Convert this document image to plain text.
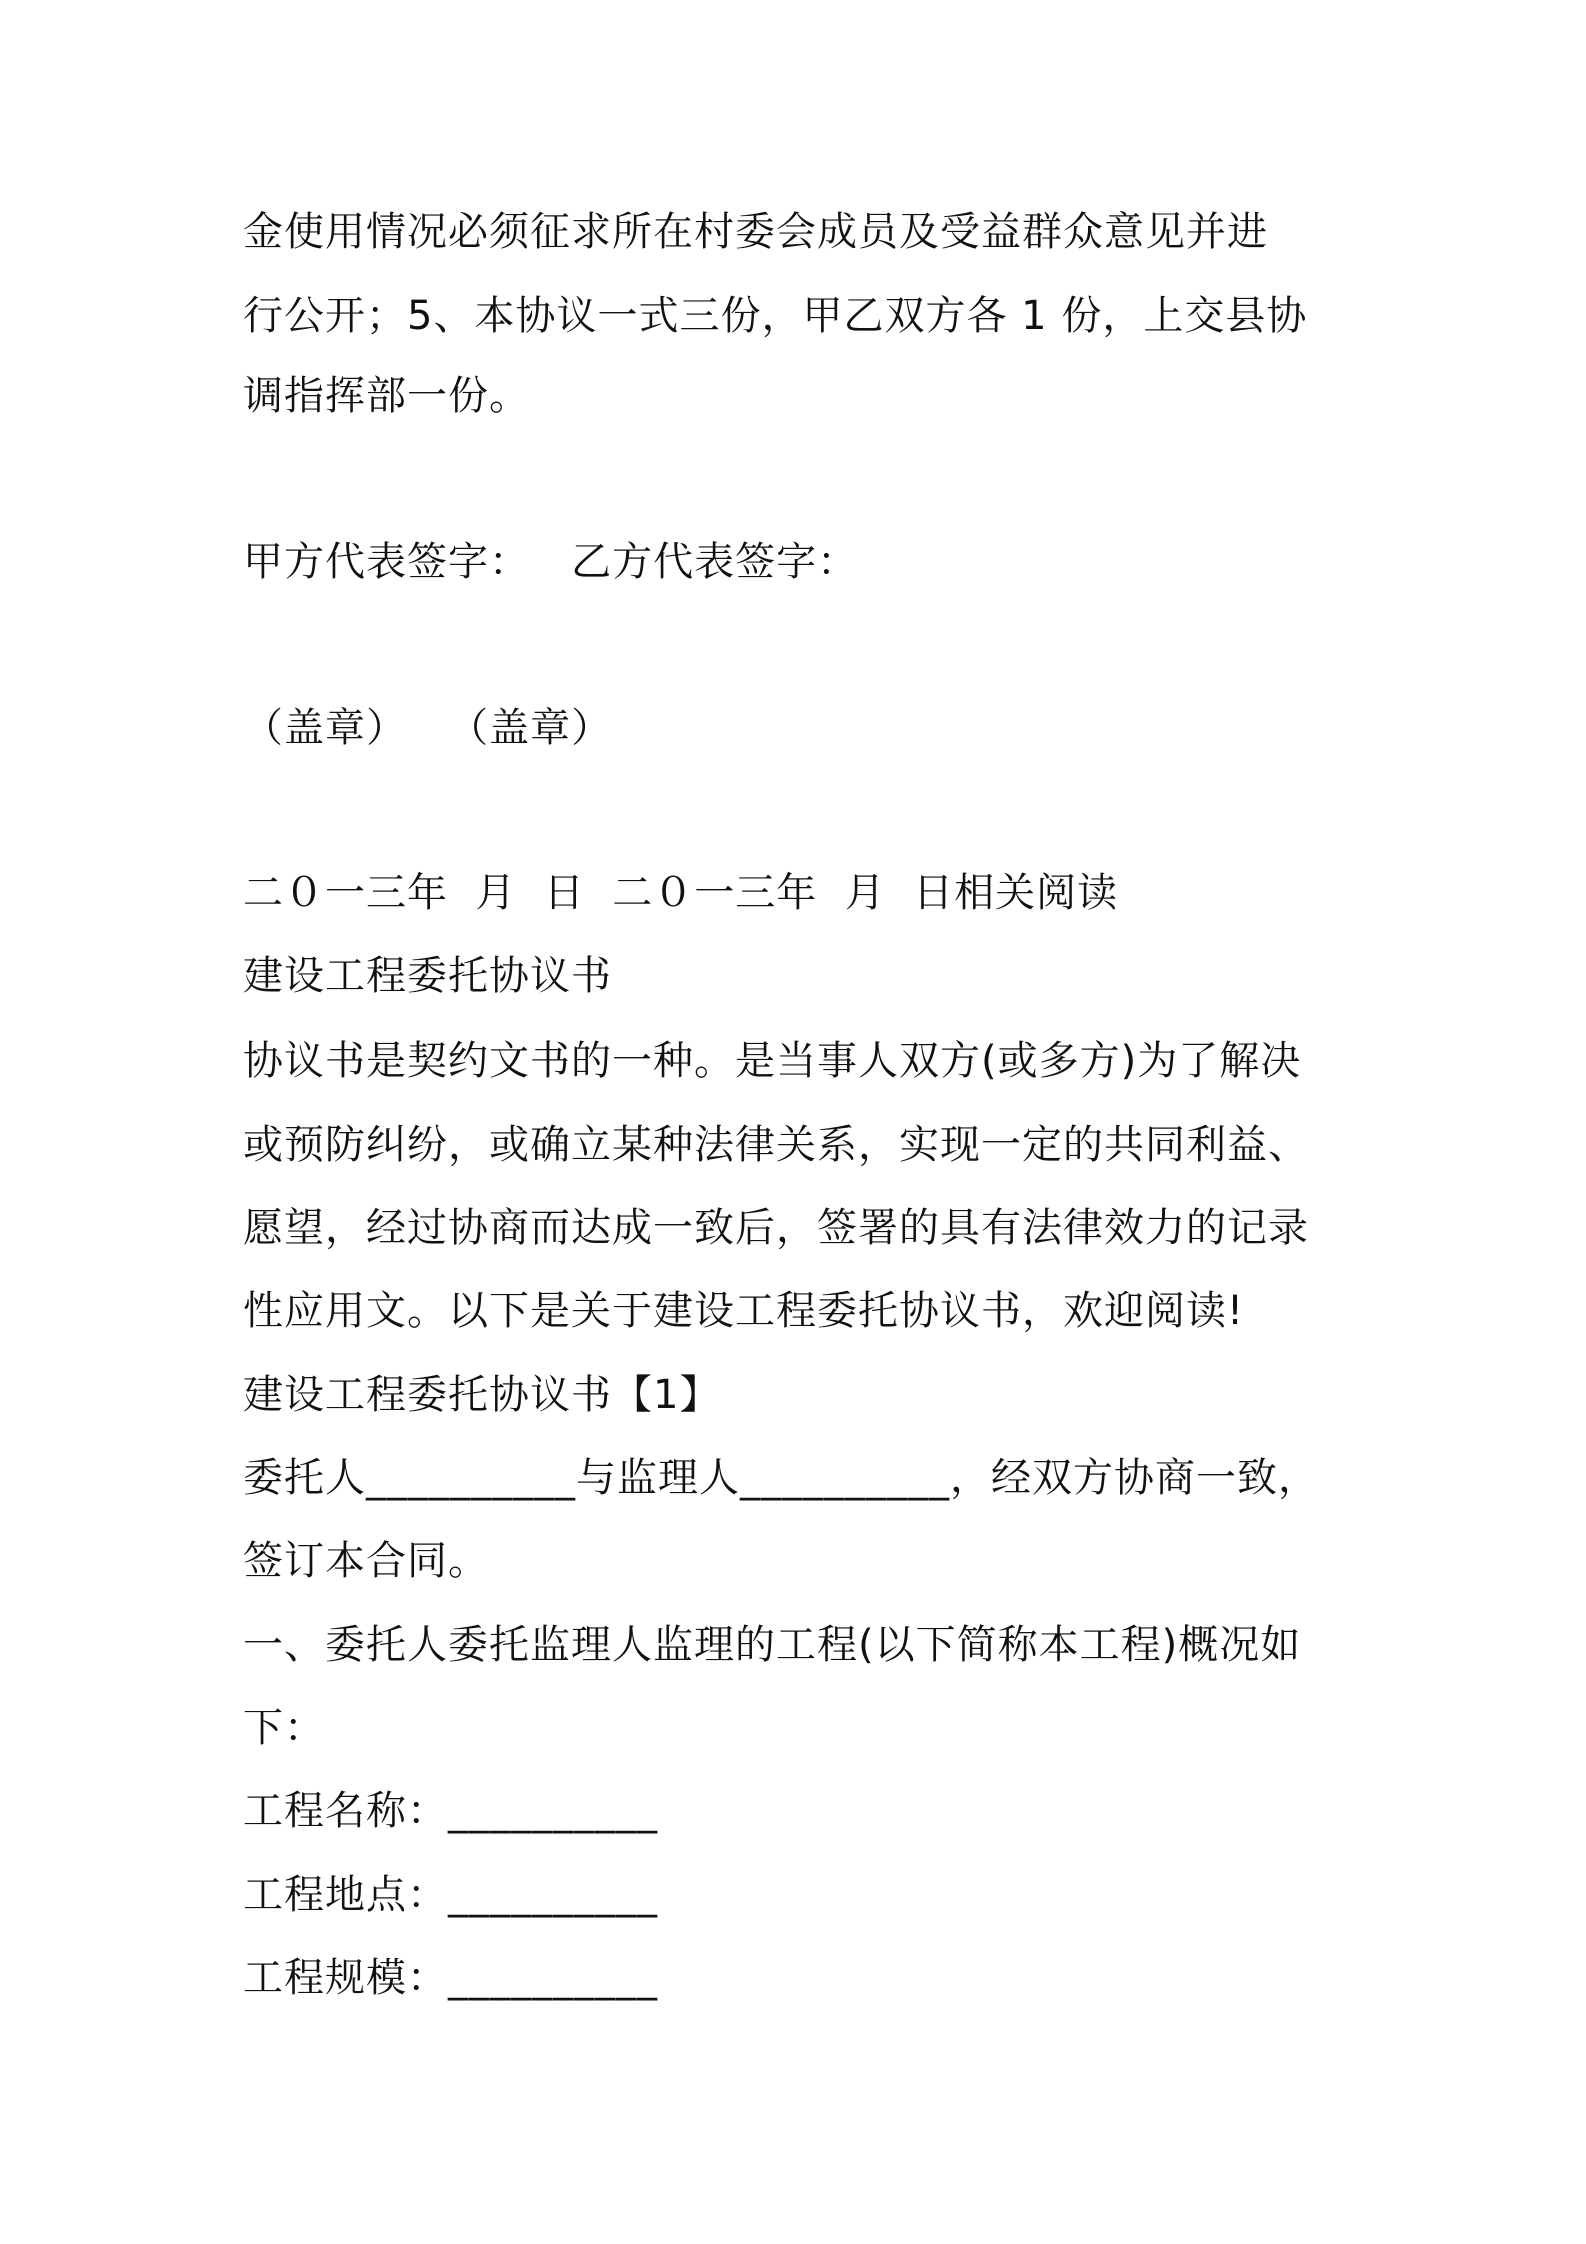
金使用情况必须征求所在村委会成员及受益群众意见并进
行公开；5、本协议一式三份，甲乙双方各 1 份，上交县协
调指挥部一份。
甲方代表签字：   乙方代表签字：
（盖章）   （盖章）
二０一三年  月  日  二０一三年  月  日相关阅读
建设工程委托协议书
协议书是契约文书的一种。是当事人双方(或多方)为了解决
或预防纠纷，或确立某种法律关系，实现一定的共同利益、
愿望，经过协商而达成一致后，签署的具有法律效力的记录
性应用文。以下是关于建设工程委托协议书，欢迎阅读!
建设工程委托协议书【1】
委托人__________与监理人__________，经双方协商一致，
签订本合同。
一、委托人委托监理人监理的工程(以下简称本工程)概况如
下：
工程名称：__________
工程地点：__________
工程规模：__________
